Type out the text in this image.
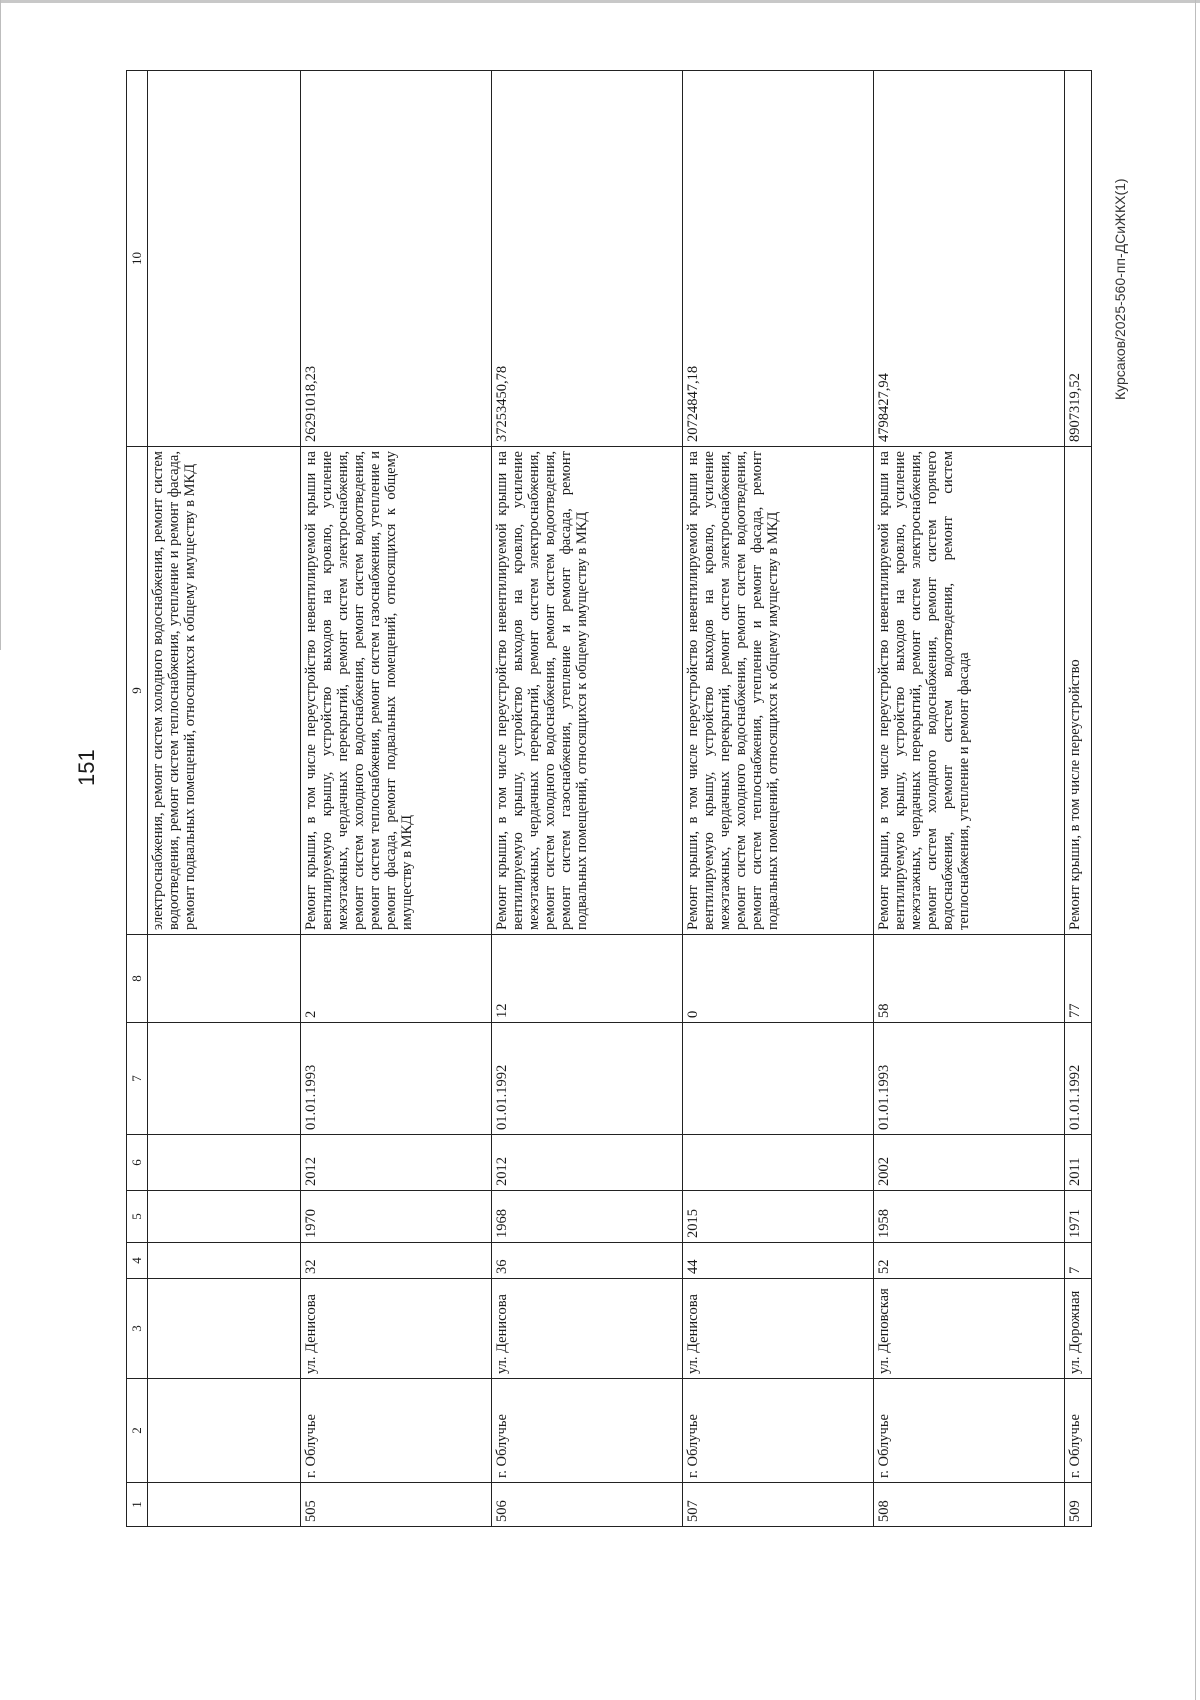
151
Курсаков/2025-560-пп-ДСиЖКХ(1)
1	2	3	4	5	6	7	8	9	10
								электроснабжения, ремонт систем холодного водоснабжения, ремонт систем водоотведения, ремонт систем теплоснабжения, утепление и ремонт фасада, ремонт подвальных помещений, относящихся к общему имуществу в МКД	
505	г. Облучье	ул. Денисова	32	1970	2012	01.01.1993	2	Ремонт крыши, в том числе переустройство невентилируемой крыши на вентилируемую крышу, устройство выходов на кровлю, усиление межэтажных, чердачных перекрытий, ремонт систем электроснабжения, ремонт систем холодного водоснабжения, ремонт систем водоотведения, ремонт систем теплоснабжения, ремонт систем газоснабжения, утепление и ремонт фасада, ремонт подвальных помещений, относящихся к общему имуществу в МКД	26291018,23
506	г. Облучье	ул. Денисова	36	1968	2012	01.01.1992	12	Ремонт крыши, в том числе переустройство невентилируемой крыши на вентилируемую крышу, устройство выходов на кровлю, усиление межэтажных, чердачных перекрытий, ремонт систем электроснабжения, ремонт систем холодного водоснабжения, ремонт систем водоотведения, ремонт систем газоснабжения, утепление и ремонт фасада, ремонт подвальных помещений, относящихся к общему имуществу в МКД	37253450,78
507	г. Облучье	ул. Денисова	44	2015			0	Ремонт крыши, в том числе переустройство невентилируемой крыши на вентилируемую крышу, устройство выходов на кровлю, усиление межэтажных, чердачных перекрытий, ремонт систем электроснабжения, ремонт систем холодного водоснабжения, ремонт систем водоотведения, ремонт систем теплоснабжения, утепление и ремонт фасада, ремонт подвальных помещений, относящихся к общему имуществу в МКД	20724847,18
508	г. Облучье	ул. Деповская	52	1958	2002	01.01.1993	58	Ремонт крыши, в том числе переустройство невентилируемой крыши на вентилируемую крышу, устройство выходов на кровлю, усиление межэтажных, чердачных перекрытий, ремонт систем электроснабжения, ремонт систем холодного водоснабжения, ремонт систем горячего водоснабжения, ремонт систем водоотведения, ремонт систем теплоснабжения, утепление и ремонт фасада	4798427,94
509	г. Облучье	ул. Дорожная	7	1971	2011	01.01.1992	77	Ремонт крыши, в том числе переустройство	8907319,52
